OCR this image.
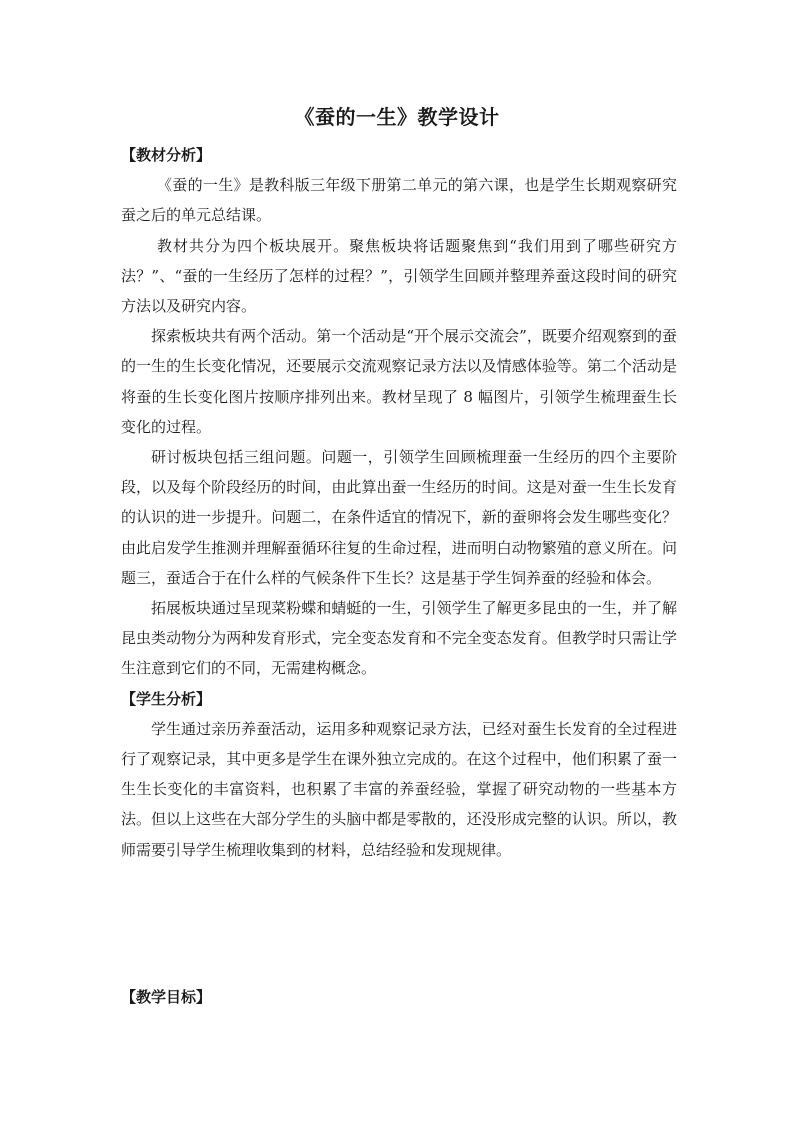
《蚕的一生》教学设计

【教材分析】

《蚕的一生》是教科版三年级下册第二单元的第六课，也是学生长期观察研究蚕之后的单元总结课。

教材共分为四个板块展开。聚焦板块将话题聚焦到“我们用到了哪些研究方法？”、“蚕的一生经历了怎样的过程？”，引领学生回顾并整理养蚕这段时间的研究方法以及研究内容。

探索板块共有两个活动。第一个活动是“开个展示交流会”，既要介绍观察到的蚕的一生的生长变化情况，还要展示交流观察记录方法以及情感体验等。第二个活动是将蚕的生长变化图片按顺序排列出来。教材呈现了 8 幅图片，引领学生梳理蚕生长变化的过程。

研讨板块包括三组问题。问题一，引领学生回顾梳理蚕一生经历的四个主要阶段，以及每个阶段经历的时间，由此算出蚕一生经历的时间。这是对蚕一生生长发育的认识的进一步提升。问题二，在条件适宜的情况下，新的蚕卵将会发生哪些变化？由此启发学生推测并理解蚕循环往复的生命过程，进而明白动物繁殖的意义所在。问题三，蚕适合于在什么样的气候条件下生长？这是基于学生饲养蚕的经验和体会。

拓展板块通过呈现菜粉蝶和蜻蜓的一生，引领学生了解更多昆虫的一生，并了解昆虫类动物分为两种发育形式，完全变态发育和不完全变态发育。但教学时只需让学生注意到它们的不同，无需建构概念。

【学生分析】

学生通过亲历养蚕活动，运用多种观察记录方法，已经对蚕生长发育的全过程进行了观察记录，其中更多是学生在课外独立完成的。在这个过程中，他们积累了蚕一生生长变化的丰富资料，也积累了丰富的养蚕经验，掌握了研究动物的一些基本方法。但以上这些在大部分学生的头脑中都是零散的，还没形成完整的认识。所以，教师需要引导学生梳理收集到的材料，总结经验和发现规律。

【教学目标】
